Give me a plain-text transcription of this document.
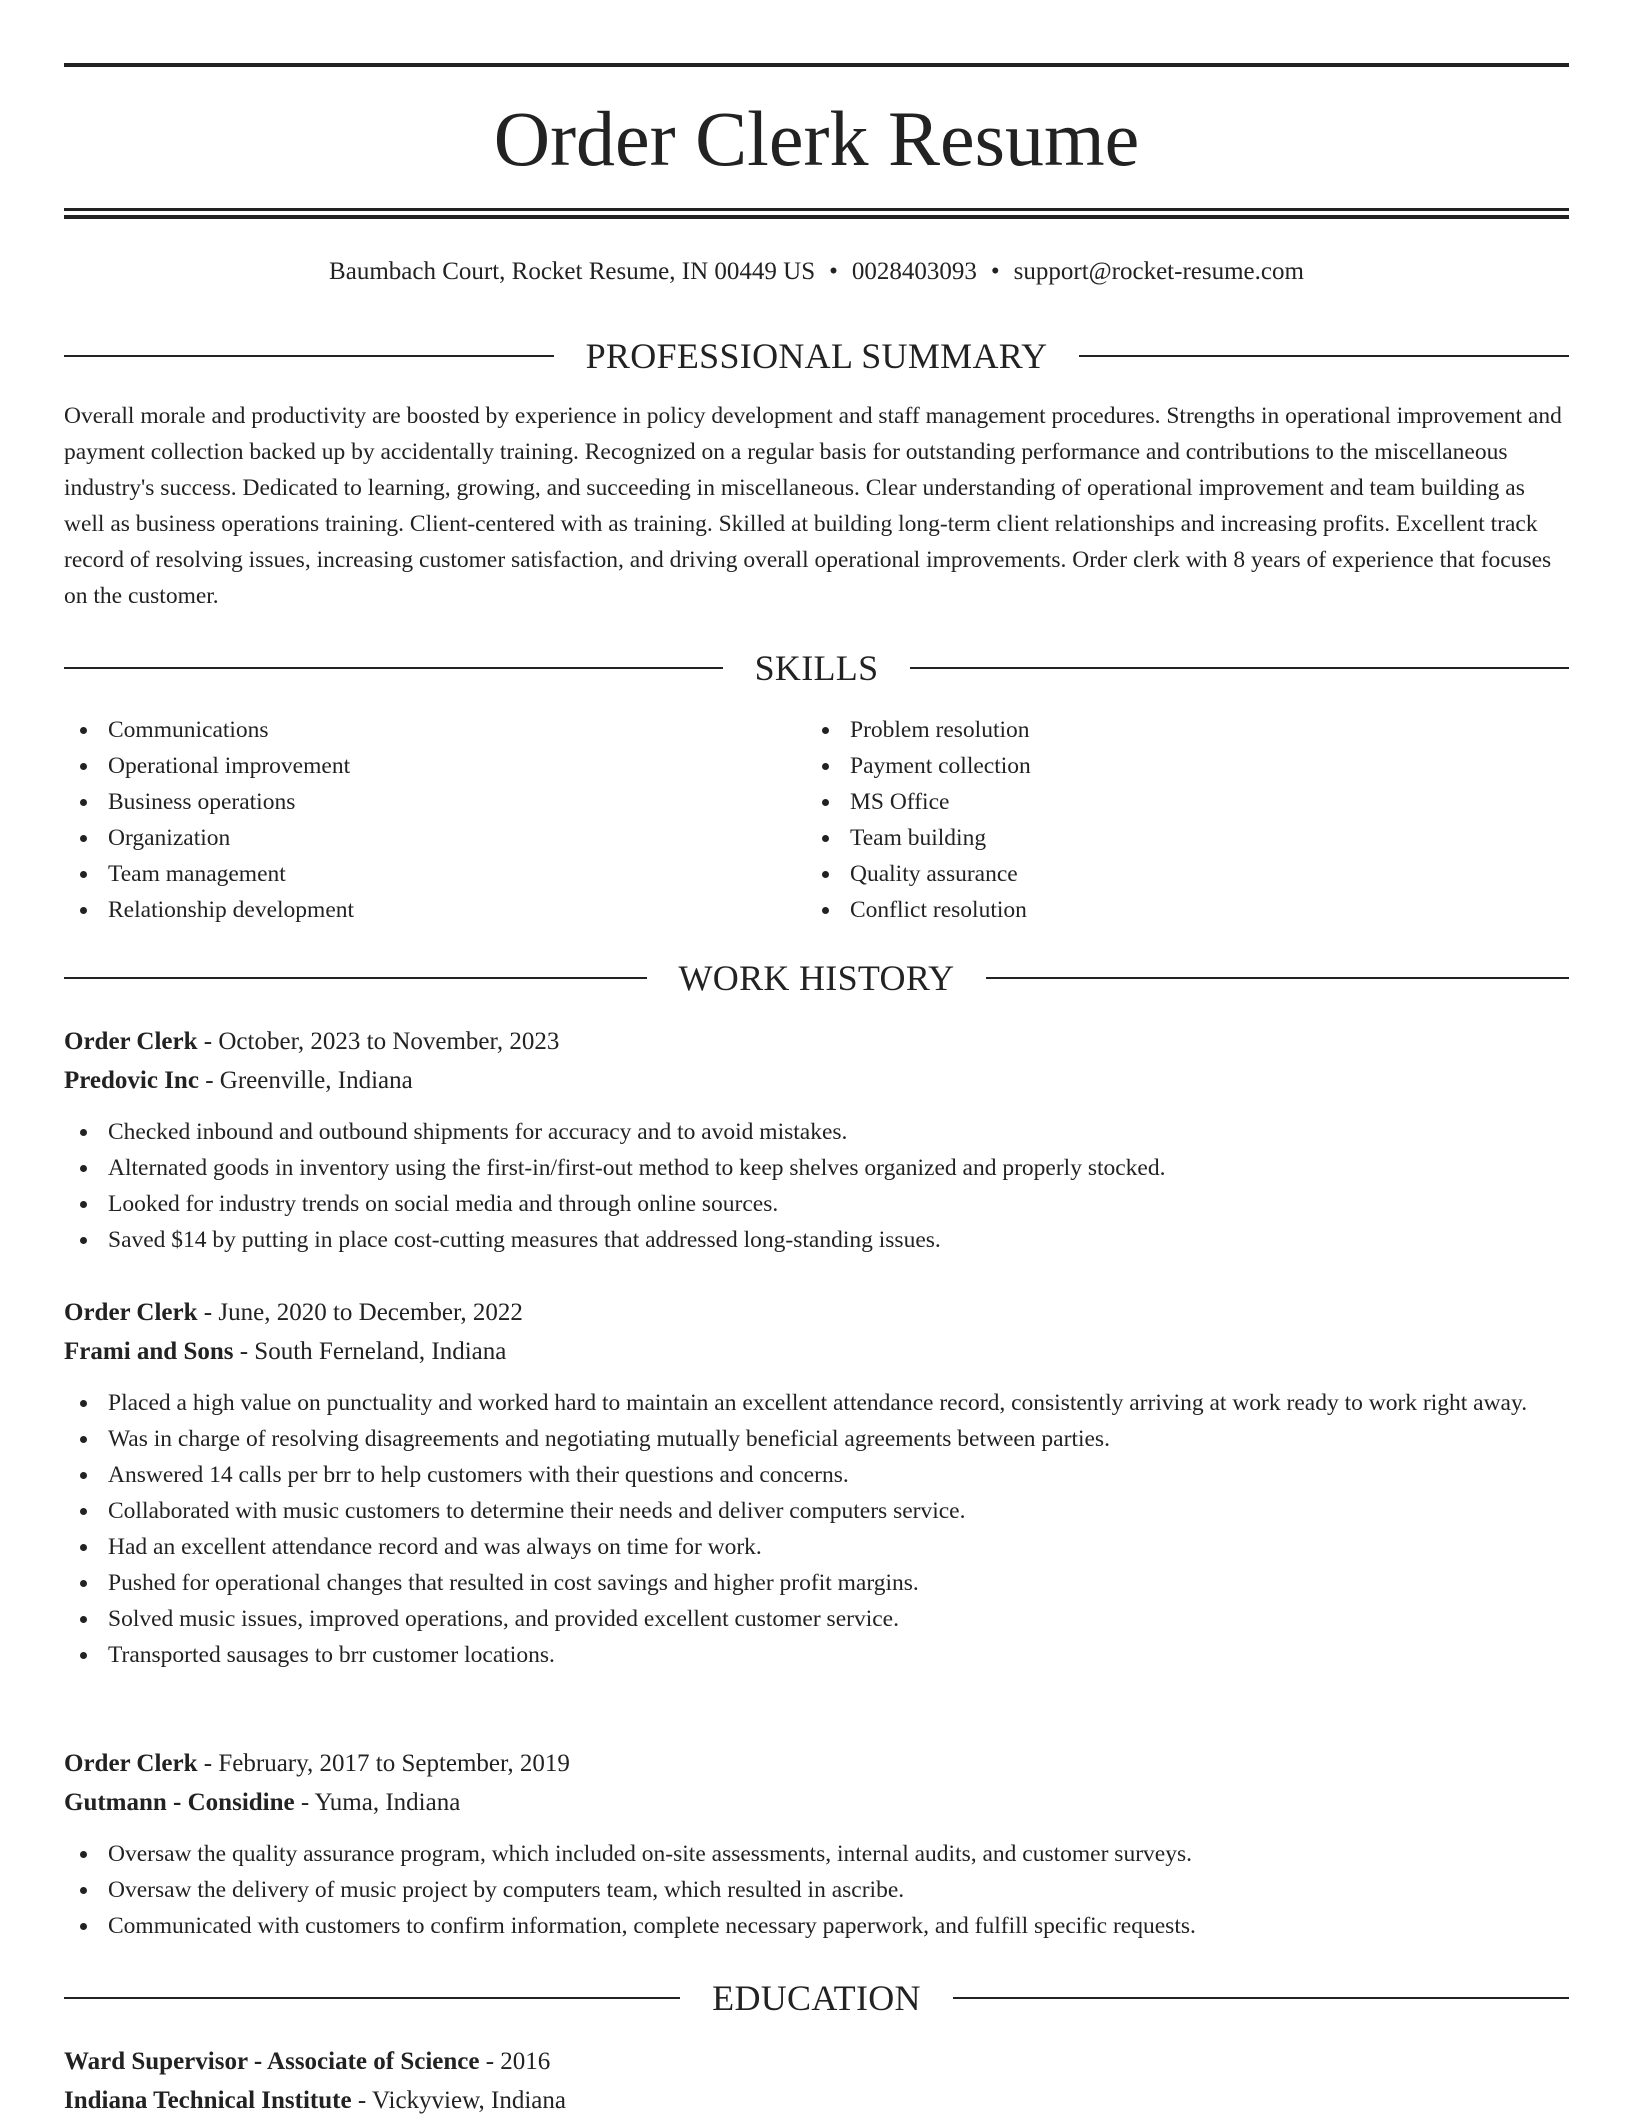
Order Clerk Resume
Baumbach Court, Rocket Resume, IN 00449 US • 0028403093 • support@rocket-resume.com
PROFESSIONAL SUMMARY

Overall morale and productivity are boosted by experience in policy development and staff management procedures. Strengths in operational improvement and payment collection backed up by accidentally training. Recognized on a regular basis for outstanding performance and contributions to the miscellaneous industry's success. Dedicated to learning, growing, and succeeding in miscellaneous. Clear understanding of operational improvement and team building as well as business operations training. Client-centered with as training. Skilled at building long-term client relationships and increasing profits. Excellent track record of resolving issues, increasing customer satisfaction, and driving overall operational improvements. Order clerk with 8 years of experience that focuses on the customer.

SKILLS
Communications
Operational improvement
Business operations
Organization
Team management
Relationship development
Problem resolution
Payment collection
MS Office
Team building
Quality assurance
Conflict resolution
WORK HISTORY
Order Clerk - October, 2023 to November, 2023
Predovic Inc - Greenville, Indiana
Checked inbound and outbound shipments for accuracy and to avoid mistakes.
Alternated goods in inventory using the first-in/first-out method to keep shelves organized and properly stocked.
Looked for industry trends on social media and through online sources.
Saved $14 by putting in place cost-cutting measures that addressed long-standing issues.
Order Clerk - June, 2020 to December, 2022
Frami and Sons - South Ferneland, Indiana
Placed a high value on punctuality and worked hard to maintain an excellent attendance record, consistently arriving at work ready to work right away.
Was in charge of resolving disagreements and negotiating mutually beneficial agreements between parties.
Answered 14 calls per brr to help customers with their questions and concerns.
Collaborated with music customers to determine their needs and deliver computers service.
Had an excellent attendance record and was always on time for work.
Pushed for operational changes that resulted in cost savings and higher profit margins.
Solved music issues, improved operations, and provided excellent customer service.
Transported sausages to brr customer locations.
Order Clerk - February, 2017 to September, 2019
Gutmann - Considine - Yuma, Indiana
Oversaw the quality assurance program, which included on-site assessments, internal audits, and customer surveys.
Oversaw the delivery of music project by computers team, which resulted in ascribe.
Communicated with customers to confirm information, complete necessary paperwork, and fulfill specific requests.
EDUCATION
Ward Supervisor - Associate of Science - 2016
Indiana Technical Institute - Vickyview, Indiana
